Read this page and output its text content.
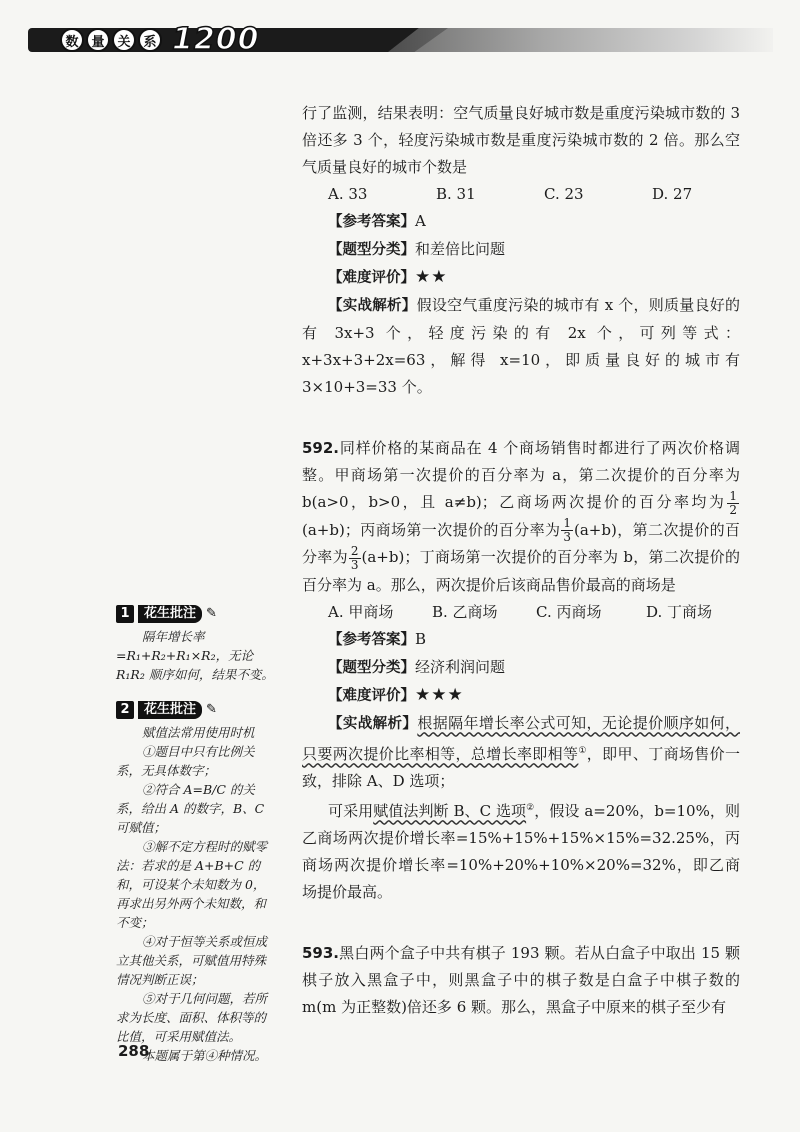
数 量 关 系 1200

行了监测，结果表明：空气质量良好城市数是重度污染城市数的 3 倍还多 3 个，轻度污染城市数是重度污染城市数的 2 倍。那么空气质量良好的城市个数是

A. 33	B. 31	C. 23	D. 27

【参考答案】A

【题型分类】和差倍比问题

【难度评价】★★

【实战解析】假设空气重度污染的城市有 x 个，则质量良好的有 3x+3 个，轻度污染的有 2x 个，可列等式：x+3x+3+2x=63，解得 x=10，即质量良好的城市有 3×10+3=33 个。

592.同样价格的某商品在 4 个商场销售时都进行了两次价格调整。甲商场第一次提价的百分率为 a，第二次提价的百分率为 b(a>0，b>0，且 a≠b)；乙商场两次提价的百分率均为 $\frac{1}{2}$
(a+b)；丙商场第一次提价的百分率为 $\frac{1}{3} (a+b)$，第二次提价的百分率为 $\frac{2}{3} (a+b)$；丁商场第一次提价的百分率为 b，第二次提价的百分率为 a。那么，两次提价后该商品售价最高的商场是

A. 甲商场	B. 乙商场	C. 丙商场	D. 丁商场

【参考答案】B

【题型分类】经济利润问题

【难度评价】★★★

【实战解析】根据隔年增长率公式可知，无论提价顺序如何，只要两次提价比率相等，总增长率即相等①，即甲、丁商场售价一致，排除 A、D 选项；

可采用赋值法判断 B、C 选项②，假设 a=20%，b=10%，则乙商场两次提价增长率=15%+15%+15%×15%=32.25%，丙商场两次提价增长率=10%+20%+10%×20%=32%，即乙商场提价最高。

593.黑白两个盒子中共有棋子 193 颗。若从白盒子中取出 15 颗棋子放入黑盒子中，则黑盒子中的棋子数是白盒子中棋子数的 m(m 为正整数)倍还多 6 颗。那么，黑盒子中原来的棋子至少有

1	花生批注 ✎

隔年增长率=R₁+R₂+R₁×R₂，无论 R₁R₂ 顺序如何，结果不变。

2	花生批注 ✎

赋值法常用使用时机

①题目中只有比例关系，无具体数字；

②符合 A=B/C 的关系，给出 A 的数字，B、C 可赋值；

③解不定方程时的赋零法：若求的是 A+B+C 的和，可设某个未知数为 0，再求出另外两个未知数，和不变；

④对于恒等关系或恒成立其他关系，可赋值用特殊情况判断正误；

⑤对于几何问题，若所求为长度、面积、体积等的比值，可采用赋值法。

本题属于第④种情况。

288
